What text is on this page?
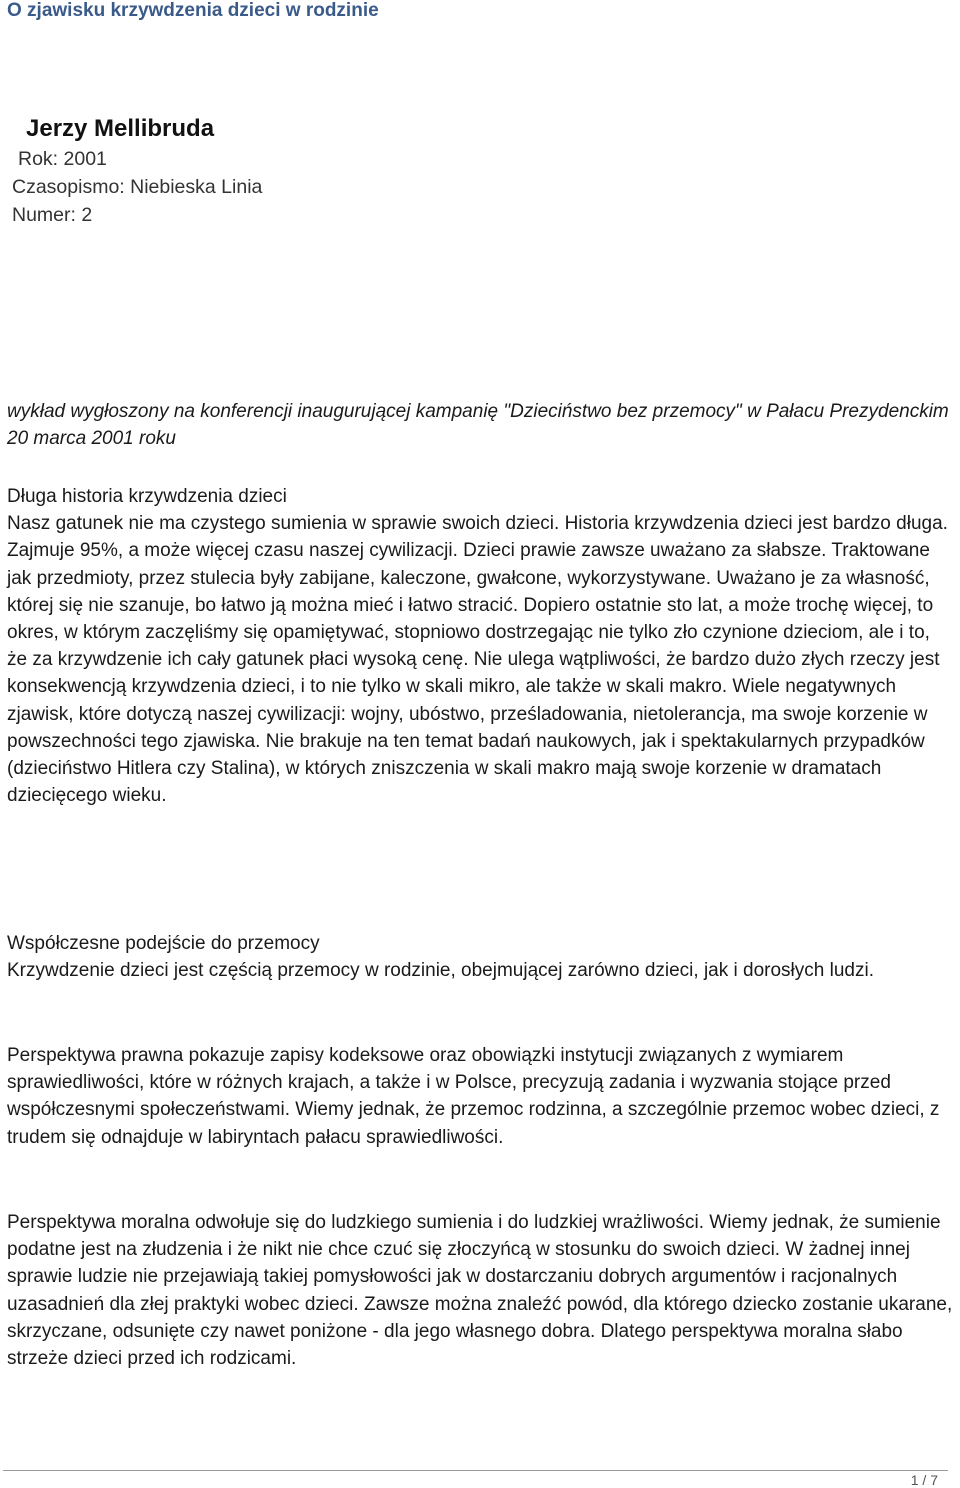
O zjawisku krzywdzenia dzieci w rodzinie
Jerzy Mellibruda
Rok: 2001
Czasopismo: Niebieska Linia
Numer: 2
wykład wygłoszony na konferencji inaugurującej kampanię "Dzieciństwo bez przemocy" w Pałacu Prezydenckim 20 marca 2001 roku
Długa historia krzywdzenia dzieci
Nasz gatunek nie ma czystego sumienia w sprawie swoich dzieci. Historia krzywdzenia dzieci jest bardzo długa. Zajmuje 95%, a może więcej czasu naszej cywilizacji. Dzieci prawie zawsze uważano za słabsze. Traktowane jak przedmioty, przez stulecia były zabijane, kaleczone, gwałcone, wykorzystywane. Uważano je za własność, której się nie szanuje, bo łatwo ją można mieć i łatwo stracić. Dopiero ostatnie sto lat, a może trochę więcej, to okres, w którym zaczęliśmy się opamiętywać, stopniowo dostrzegając nie tylko zło czynione dzieciom, ale i to, że za krzywdzenie ich cały gatunek płaci wysoką cenę. Nie ulega wątpliwości, że bardzo dużo złych rzeczy jest konsekwencją krzywdzenia dzieci, i to nie tylko w skali mikro, ale także w skali makro. Wiele negatywnych zjawisk, które dotyczą naszej cywilizacji: wojny, ubóstwo, prześladowania, nietolerancja, ma swoje korzenie w powszechności tego zjawiska. Nie brakuje na ten temat badań naukowych, jak i spektakularnych przypadków (dzieciństwo Hitlera czy Stalina), w których zniszczenia w skali makro mają swoje korzenie w dramatach dziecięcego wieku.
Współczesne podejście do przemocy
Krzywdzenie dzieci jest częścią przemocy w rodzinie, obejmującej zarówno dzieci, jak i dorosłych ludzi.
Perspektywa prawna pokazuje zapisy kodeksowe oraz obowiązki instytucji związanych z wymiarem sprawiedliwości, które w różnych krajach, a także i w Polsce, precyzują zadania i wyzwania stojące przed współczesnymi społeczeństwami. Wiemy jednak, że przemoc rodzinna, a szczególnie przemoc wobec dzieci, z trudem się odnajduje w labiryntach pałacu sprawiedliwości.
Perspektywa moralna odwołuje się do ludzkiego sumienia i do ludzkiej wrażliwości. Wiemy jednak, że sumienie podatne jest na złudzenia i że nikt nie chce czuć się złoczyńcą w stosunku do swoich dzieci. W żadnej innej sprawie ludzie nie przejawiają takiej pomysłowości jak w dostarczaniu dobrych argumentów i racjonalnych uzasadnień dla złej praktyki wobec dzieci. Zawsze można znaleźć powód, dla którego dziecko zostanie ukarane, skrzyczane, odsunięte czy nawet poniżone - dla jego własnego dobra. Dlatego perspektywa moralna słabo strzeże dzieci przed ich rodzicami.
1 / 7
